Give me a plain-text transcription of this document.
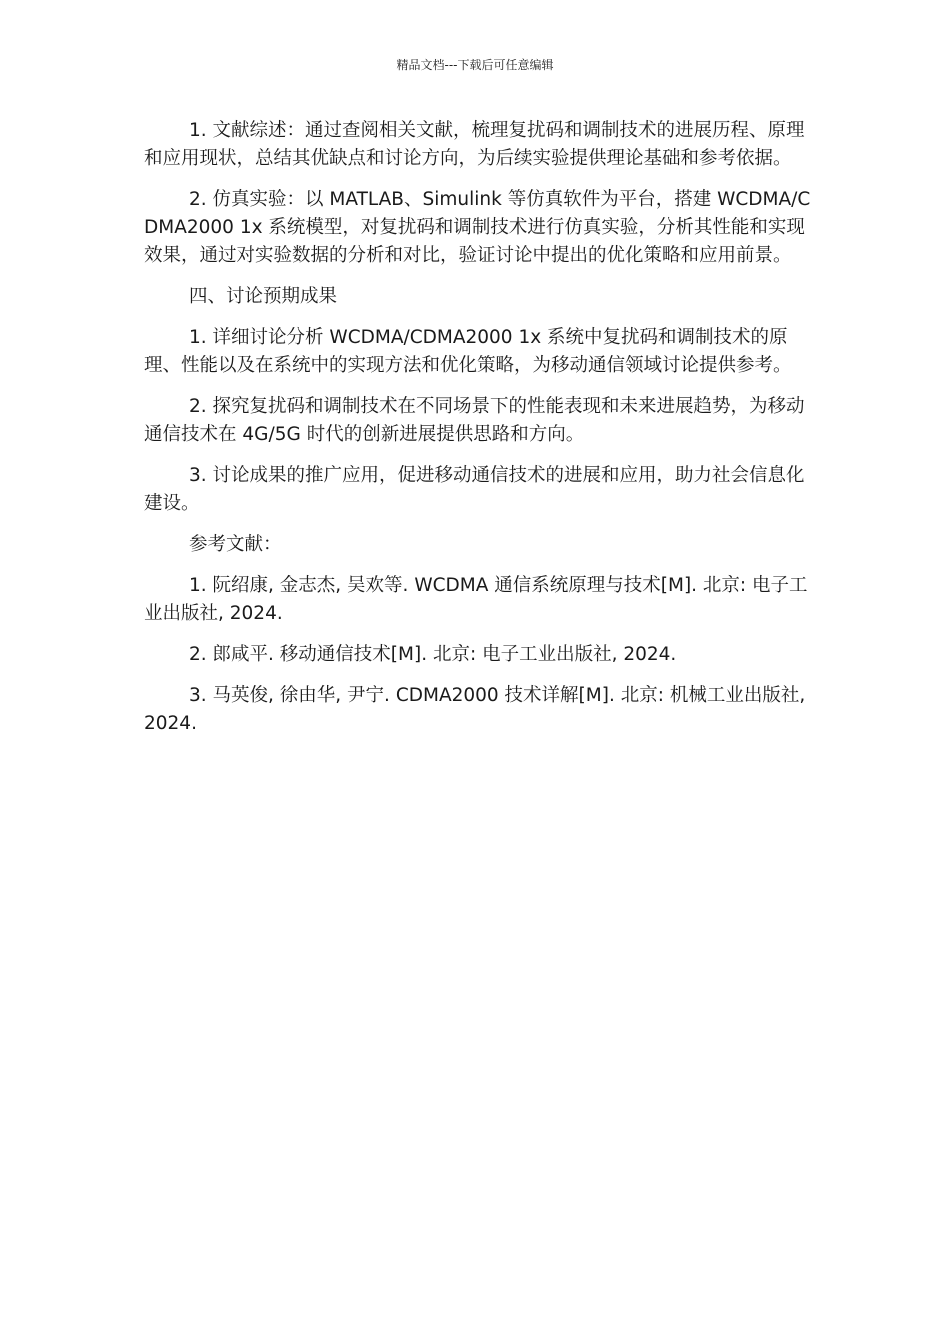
精品文档---下载后可任意编辑

1. 文献综述：通过查阅相关文献，梳理复扰码和调制技术的进展历程、原理和应用现状，总结其优缺点和讨论方向，为后续实验提供理论基础和参考依据。

2. 仿真实验：以 MATLAB、Simulink 等仿真软件为平台，搭建 WCDMA/CDMA2000 1x 系统模型，对复扰码和调制技术进行仿真实验，分析其性能和实现效果，通过对实验数据的分析和对比，验证讨论中提出的优化策略和应用前景。

四、讨论预期成果

1. 详细讨论分析 WCDMA/CDMA2000 1x 系统中复扰码和调制技术的原理、性能以及在系统中的实现方法和优化策略，为移动通信领域讨论提供参考。

2. 探究复扰码和调制技术在不同场景下的性能表现和未来进展趋势，为移动通信技术在 4G/5G 时代的创新进展提供思路和方向。

3. 讨论成果的推广应用，促进移动通信技术的进展和应用，助力社会信息化建设。

参考文献：

1. 阮绍康, 金志杰, 吴欢等. WCDMA 通信系统原理与技术[M]. 北京: 电子工业出版社, 2024.

2. 郎咸平. 移动通信技术[M]. 北京: 电子工业出版社, 2024.

3. 马英俊, 徐由华, 尹宁. CDMA2000 技术详解[M]. 北京: 机械工业出版社, 2024.
